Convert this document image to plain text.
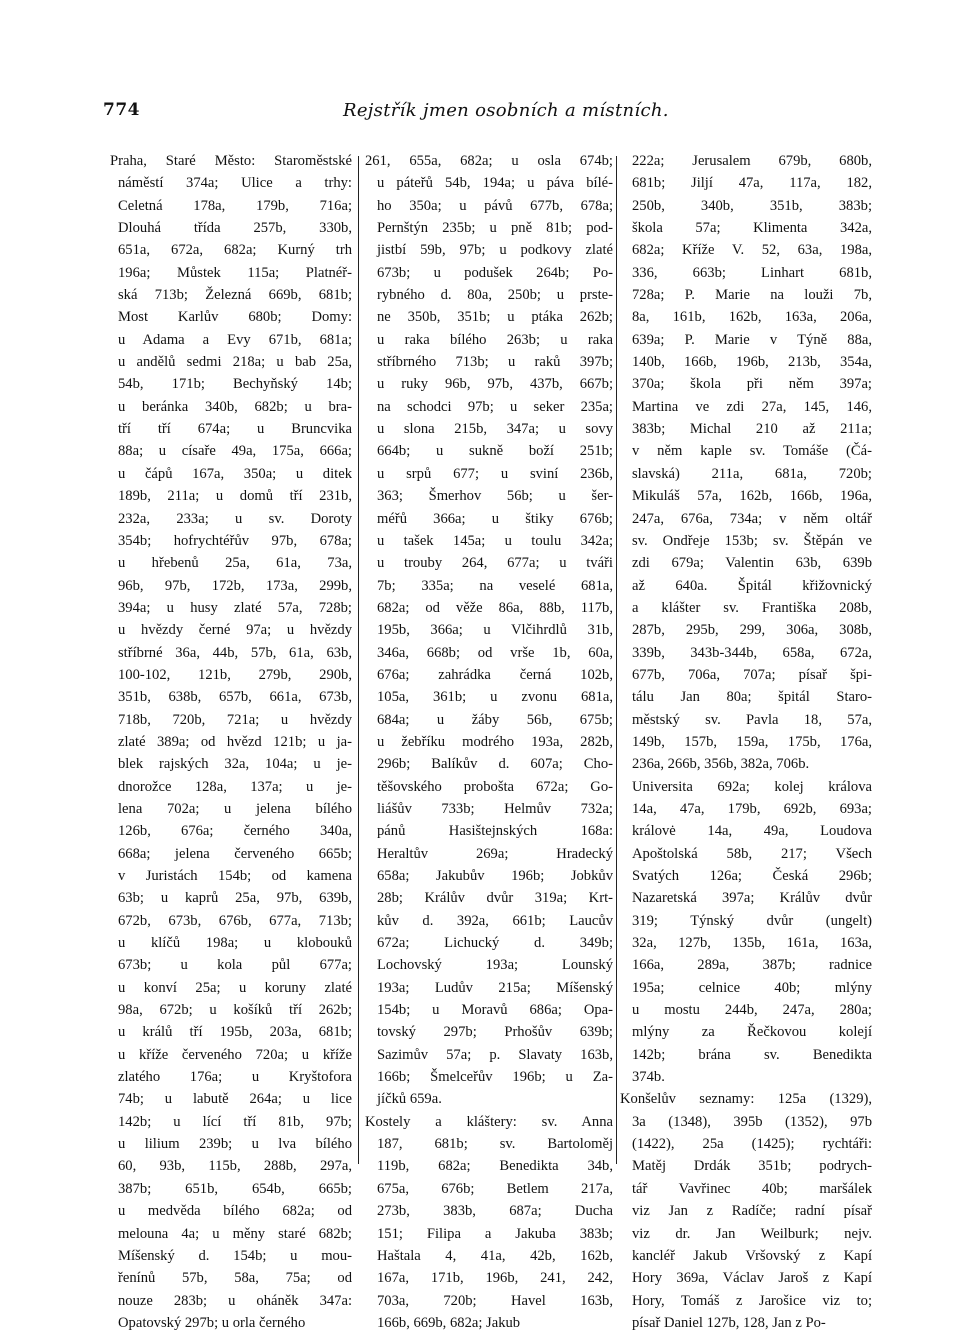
774	Rejstřík jmen osobních a místních.
Praha, Staré Město: Staroměstské
náměstí 374a; Ulice a trhy:
Celetná 178a, 179b, 716a;
Dlouhá třída 257b, 330b,
651a, 672a, 682a; Kurný trh
196a; Můstek 115a; Platnéř-
ská 713b; Železná 669b, 681b;
Most Karlův 680b; Domy:
u Adama a Evy 671b, 681a;
u andělů sedmi 218a; u bab 25a,
54b, 171b; Bechyňský 14b;
u beránka 340b, 682b; u bra-
tří tří 674a; u Bruncvika
88a; u císaře 49a, 175a, 666a;
u čápů 167a, 350a; u ditek
189b, 211a; u domů tří 231b,
232a, 233a; u sv. Doroty
354b; hofrychtéřův 97b, 678a;
u hřebenů 25a, 61a, 73a,
96b, 97b, 172b, 173a, 299b,
394a; u husy zlaté 57a, 728b;
u hvězdy černé 97a; u hvězdy
stříbrné 36a, 44b, 57b, 61a, 63b,
100-102, 121b, 279b, 290b,
351b, 638b, 657b, 661a, 673b,
718b, 720b, 721a; u hvězdy
zlaté 389a; od hvězd 121b; u ja-
blek rajských 32a, 104a; u je-
dnorožce 128a, 137a; u je-
lena 702a; u jelena bílého
126b, 676a; černého 340a,
668a; jelena červeného 665b;
v Juristách 154b; od kamena
63b; u kaprů 25a, 97b, 639b,
672b, 673b, 676b, 677a, 713b;
u klíčů 198a; u klobouků
673b; u kola půl 677a;
u konví 25a; u koruny zlaté
98a, 672b; u košíků tří 262b;
u králů tří 195b, 203a, 681b;
u kříže červeného 720a; u kříže
zlatého 176a; u Kryštofora
74b; u labutě 264a; u lice
142b; u lící tří 81b, 97b;
u lilium 239b; u lva bílého
60, 93b, 115b, 288b, 297a,
387b; 651b, 654b, 665b;
u medvěda bílého 682a; od
melouna 4a; u měny staré 682b;
Míšenský d. 154b; u mou-
řenínů 57b, 58a, 75a; od
nouze 283b; u oháněk 347a:
Opatovský 297b; u orla černého
261, 655a, 682a; u osla 674b;
u páteřů 54b, 194a; u páva bílé-
ho 350a; u pávů 677b, 678a;
Pernštýn 235b; u pně 81b; pod-
jistbí 59b, 97b; u podkovy zlaté
673b; u podušek 264b; Po-
rybného d. 80a, 250b; u prste-
ne 350b, 351b; u ptáka 262b;
u raka bílého 263b; u raka
stříbrného 713b; u raků 397b;
u ruky 96b, 97b, 437b, 667b;
na schodci 97b; u seker 235a;
u slona 215b, 347a; u sovy
664b; u sukně boží 251b;
u srpů 677; u sviní 236b,
363; Šmerhov 56b; u šer-
méřů 366a; u štiky 676b;
u tašek 145a; u toulu 342a;
u trouby 264, 677a; u tváři
7b; 335a; na veselé 681a,
682a; od věže 86a, 88b, 117b,
195b, 366a; u Vlčihrdlů 31b,
346a, 668b; od vrše 1b, 60a,
676a; zahrádka černá 102b,
105a, 361b; u zvonu 681a,
684a; u žáby 56b, 675b;
u žebříku modrého 193a, 282b,
296b; Balíkův d. 607a; Cho-
těšovského probošta 672a; Go-
liášův 733b; Helmův 732a;
pánů Hasištejnských 168a:
Heraltův 269a; Hradecký
658a; Jakubův 196b; Jobkův
28b; Králův dvůr 319a; Krt-
kův d. 392a, 661b; Laucův
672a; Lichucký d. 349b;
Lochovský 193a; Lounský
193a; Ludův 215a; Míšenský
154b; u Moravů 686a; Opa-
tovský 297b; Prhošův 639b;
Sazimův 57a; p. Slavaty 163b,
166b; Šmelceřův 196b; u Za-
jíčků 659a.
Kostely a kláštery: sv. Anna
187, 681b; sv. Bartoloměj
119b, 682a; Benedikta 34b,
675a, 676b; Betlem 217a,
273b, 383b, 687a; Ducha
151; Filipa a Jakuba 383b;
Haštala 4, 41a, 42b, 162b,
167a, 171b, 196b, 241, 242,
703a, 720b; Havel 163b,
166b, 669b, 682a; Jakub
222a; Jerusalem 679b, 680b,
681b; Jiljí 47a, 117a, 182,
250b, 340b, 351b, 383b;
škola 57a; Klimenta 342a,
682a; Kříže V. 52, 63a, 198a,
336, 663b; Linhart 681b,
728a; P. Marie na louži 7b,
8a, 161b, 162b, 163a, 206a,
639a; P. Marie v Týně 88a,
140b, 166b, 196b, 213b, 354a,
370a; škola při něm 397a;
Martina ve zdi 27a, 145, 146,
383b; Michal 210 až 211a;
v něm kaple sv. Tomáše (Čá-
slavská) 211a, 681a, 720b;
Mikuláš 57a, 162b, 166b, 196a,
247a, 676a, 734a; v něm oltář
sv. Ondřeje 153b; sv. Štěpán ve
zdi 679a; Valentin 63b, 639b
až 640a. Špitál křižovnický
a klášter sv. Františka 208b,
287b, 295b, 299, 306a, 308b,
339b, 343b-344b, 658a, 672a,
677b, 706a, 707a; písař špi-
tálu Jan 80a; špitál Staro-
městský sv. Pavla 18, 57a,
149b, 157b, 159a, 175b, 176a,
236a, 266b, 356b, 382a, 706b.
Universita 692a; kolej králova
14a, 47a, 179b, 692b, 693a;
královė 14a, 49a, Loudova
Apoštolská 58b, 217; Všech
Svatých 126a; Česká 296b;
Nazaretská 397a; Králův dvůr
319; Týnský dvůr (ungelt)
32a, 127b, 135b, 161a, 163a,
166a, 289a, 387b; radnice
195a; celnice 40b; mlýny
u mostu 244b, 247a, 280a;
mlýny za Řečkovou kolejí
142b; brána sv. Benedikta
374b.
Konšelův seznamy: 125a (1329),
3a (1348), 395b (1352), 97b
(1422), 25a (1425); rychtáři:
Matěj Drdák 351b; podrych-
tář Vavřinec 40b; maršálek
viz Jan z Radíče; radní písař
viz dr. Jan Weilburk; nejv.
kancléř Jakub Vršovský z Kapí
Hory 369a, Václav Jaroš z Kapí
Hory, Tomáš z Jarošice viz to;
písař Daniel 127b, 128, Jan z Po-
